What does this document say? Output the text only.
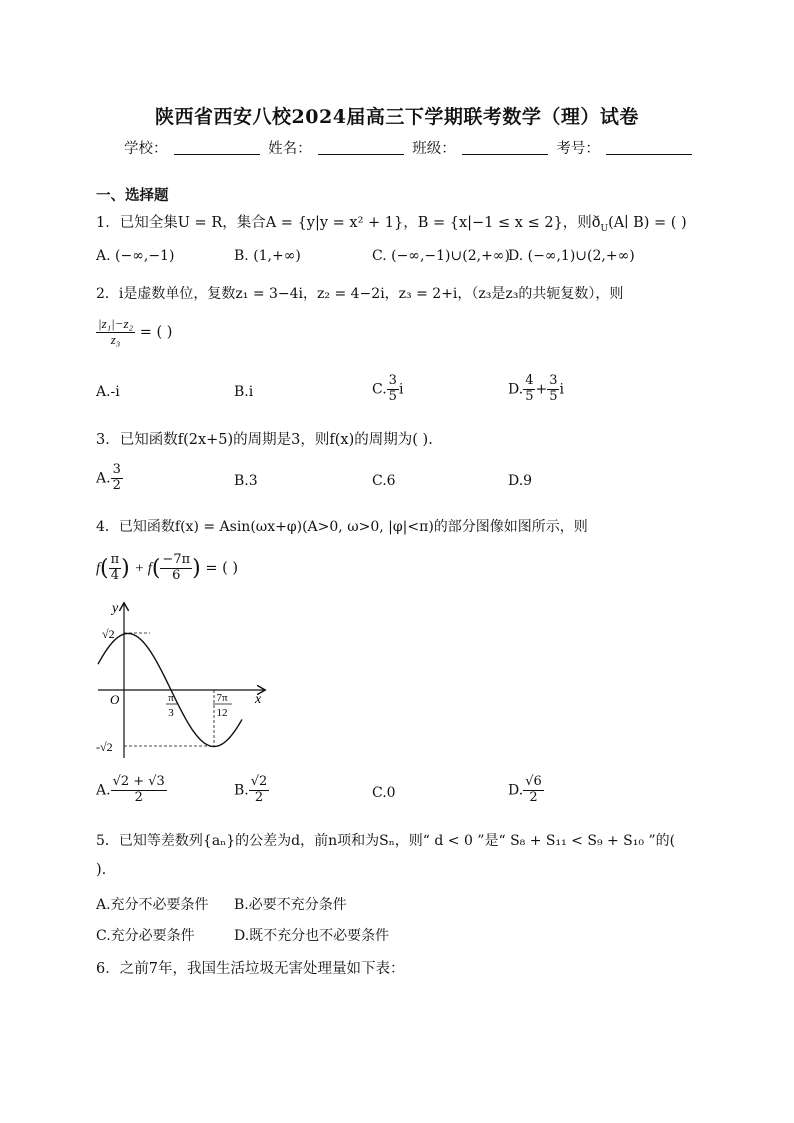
陕西省西安八校2024届高三下学期联考数学（理）试卷
学校：	姓名：	班级：	考号：
一、选择题
1．已知全集U = R，集合A = {y|y = x² + 1}，B = {x|−1 ≤ x ≤ 2}，则$ð_U(A∣$ B) = ( )
A. (−∞,−1)	B. (1,+∞)	C. (−∞,−1)∪(2,+∞)
D. (−∞,1)∪(2,+∞)
2．i是虚数单位，复数z₁ = 3−4i，z₂ = 4−2i，z₃ = 2+i，（z₃是z₃的共轭复数），则
$\frac{\text{|z₁|−z₂}}{\text{z₃}}$ = ( )
A.-i	B.i	C. $\frac{3}{5}$ i	D. $\frac{4}{5} + \frac{3}{5}$ i
3．已知函数f(2x+5)的周期是3，则f(x)的周期为( ).
A. $\frac{3}{2}$	B.3	C.6	D.9
4．已知函数f(x) = Asin(ωx+φ)(A>0, ω>0, |φ|<π)的部分图像如图所示，则
$f( \frac{\pi}{4}$ ) + $f( \frac{-7\pi}{6}$ ) = ( )
y
x
O
√2
-√2
π
3
7π
12
A. $\frac{√2 + √3}{2}$	B. $\frac{√2}{2}$	C.0	D. $\frac{√6}{2}$
5．已知等差数列{aₙ}的公差为d，前n项和为Sₙ，则“ d < 0 ”是“ S₈ + S₁₁ < S₉ + S₁₀ ”的(
).
A.充分不必要条件 B.必要不充分条件
C.充分必要条件	D.既不充分也不必要条件
6．之前7年，我国生活垃圾无害处理量如下表：
